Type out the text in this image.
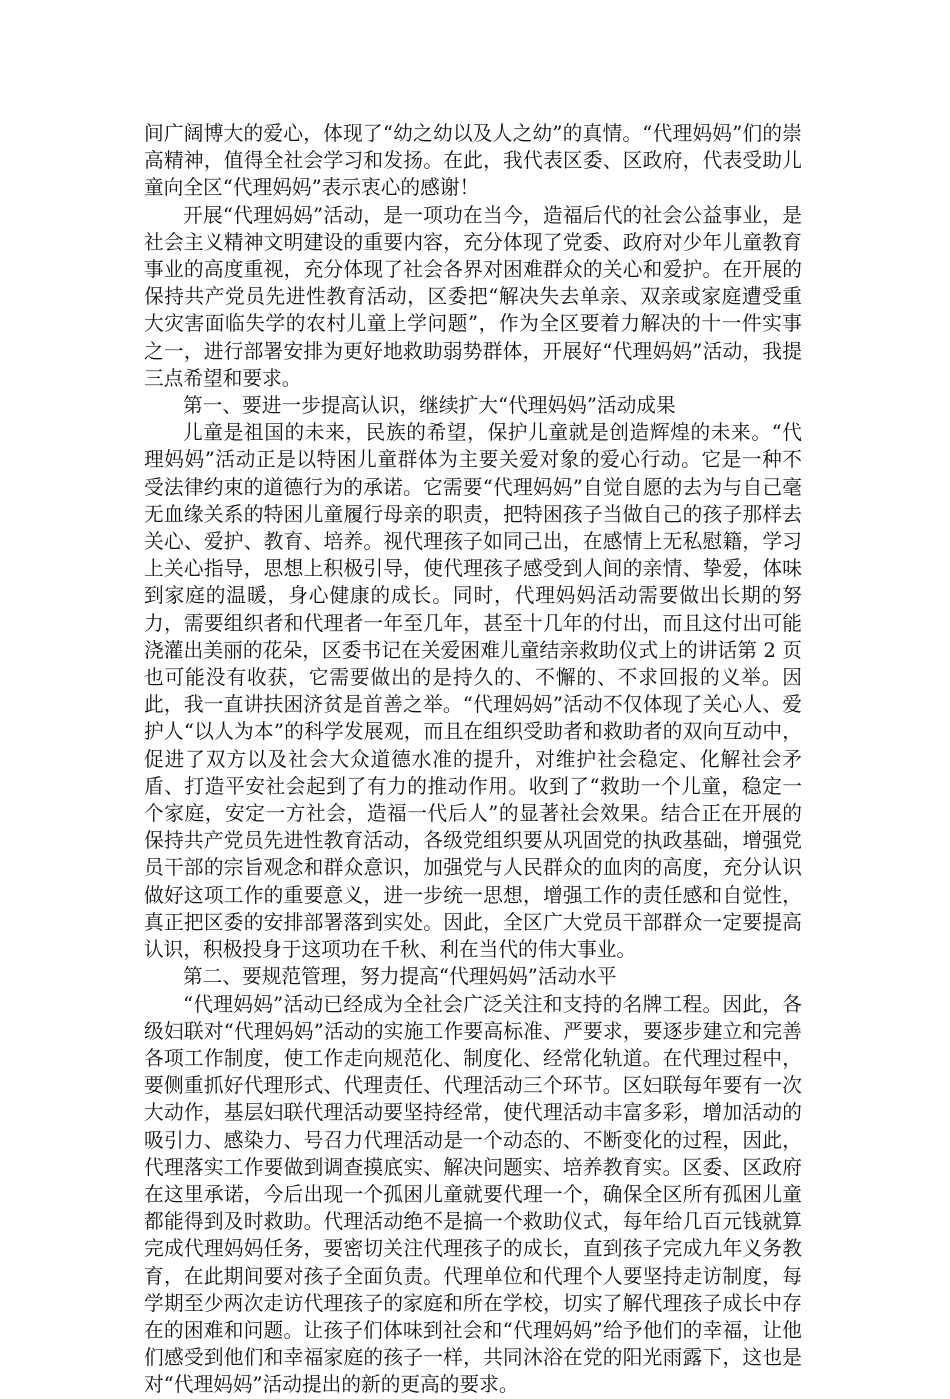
间广阔博大的爱心，体现了“幼之幼以及人之幼”的真情。“代理妈妈”们的崇高精神，值得全社会学习和发扬。在此，我代表区委、区政府，代表受助儿童向全区“代理妈妈”表示衷心的感谢！

开展“代理妈妈”活动，是一项功在当今，造福后代的社会公益事业，是社会主义精神文明建设的重要内容，充分体现了党委、政府对少年儿童教育事业的高度重视，充分体现了社会各界对困难群众的关心和爱护。在开展的保持共产党员先进性教育活动，区委把“解决失去单亲、双亲或家庭遭受重大灾害面临失学的农村儿童上学问题”，作为全区要着力解决的十一件实事之一，进行部署安排为更好地救助弱势群体，开展好“代理妈妈”活动，我提三点希望和要求。

第一、要进一步提高认识，继续扩大“代理妈妈”活动成果

儿童是祖国的未来，民族的希望，保护儿童就是创造辉煌的未来。“代理妈妈”活动正是以特困儿童群体为主要关爱对象的爱心行动。它是一种不受法律约束的道德行为的承诺。它需要“代理妈妈”自觉自愿的去为与自己毫无血缘关系的特困儿童履行母亲的职责，把特困孩子当做自己的孩子那样去关心、爱护、教育、培养。视代理孩子如同己出，在感情上无私慰籍，学习上关心指导，思想上积极引导，使代理孩子感受到人间的亲情、挚爱，体味到家庭的温暖，身心健康的成长。同时，代理妈妈活动需要做出长期的努力，需要组织者和代理者一年至几年，甚至十几年的付出，而且这付出可能浇灌出美丽的花朵，区委书记在关爱困难儿童结亲救助仪式上的讲话第 2 页也可能没有收获，它需要做出的是持久的、不懈的、不求回报的义举。因此，我一直讲扶困济贫是首善之举。“代理妈妈”活动不仅体现了关心人、爱护人“以人为本”的科学发展观，而且在组织受助者和救助者的双向互动中，促进了双方以及社会大众道德水准的提升，对维护社会稳定、化解社会矛盾、打造平安社会起到了有力的推动作用。收到了“救助一个儿童，稳定一个家庭，安定一方社会，造福一代后人”的显著社会效果。结合正在开展的保持共产党员先进性教育活动，各级党组织要从巩固党的执政基础，增强党员干部的宗旨观念和群众意识，加强党与人民群众的血肉的高度，充分认识做好这项工作的重要意义，进一步统一思想，增强工作的责任感和自觉性，真正把区委的安排部署落到实处。因此，全区广大党员干部群众一定要提高认识，积极投身于这项功在千秋、利在当代的伟大事业。

第二、要规范管理，努力提高“代理妈妈”活动水平

“代理妈妈”活动已经成为全社会广泛关注和支持的名牌工程。因此，各级妇联对“代理妈妈”活动的实施工作要高标准、严要求，要逐步建立和完善各项工作制度，使工作走向规范化、制度化、经常化轨道。在代理过程中，要侧重抓好代理形式、代理责任、代理活动三个环节。区妇联每年要有一次大动作，基层妇联代理活动要坚持经常，使代理活动丰富多彩，增加活动的吸引力、感染力、号召力代理活动是一个动态的、不断变化的过程，因此，代理落实工作要做到调查摸底实、解决问题实、培养教育实。区委、区政府在这里承诺，今后出现一个孤困儿童就要代理一个，确保全区所有孤困儿童都能得到及时救助。代理活动绝不是搞一个救助仪式，每年给几百元钱就算完成代理妈妈任务，要密切关注代理孩子的成长，直到孩子完成九年义务教育，在此期间要对孩子全面负责。代理单位和代理个人要坚持走访制度，每学期至少两次走访代理孩子的家庭和所在学校，切实了解代理孩子成长中存在的困难和问题。让孩子们体味到社会和“代理妈妈”给予他们的幸福，让他们感受到他们和幸福家庭的孩子一样，共同沐浴在党的阳光雨露下，这也是对“代理妈妈”活动提出的新的更高的要求。
